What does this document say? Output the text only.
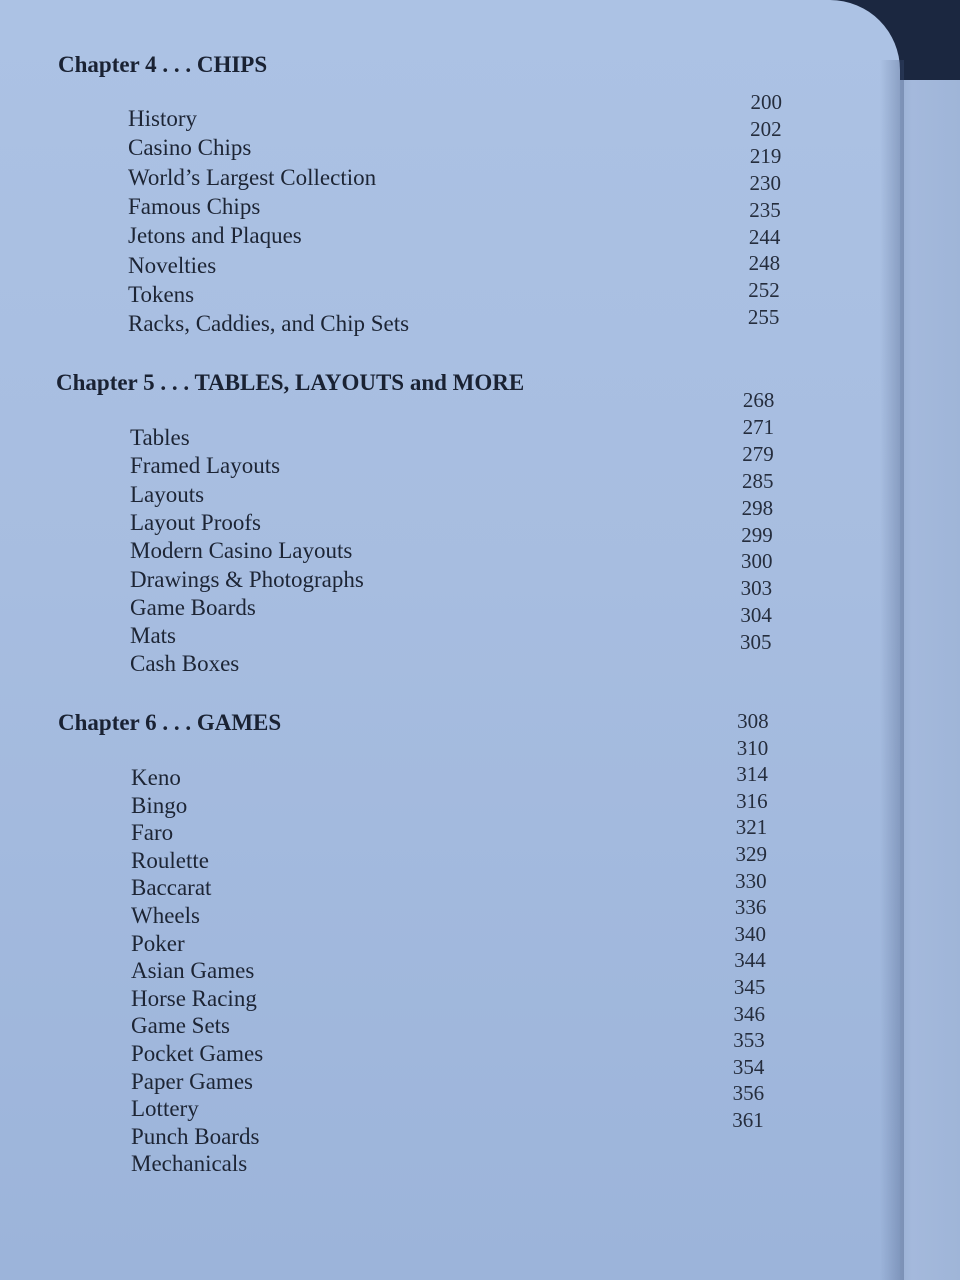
Chapter 4 . . . CHIPS
History
Casino Chips
World’s Largest Collection
Famous Chips
Jetons and Plaques
Novelties
Tokens
Racks, Caddies, and Chip Sets
200
202
219
230
235
244
248
252
255
Chapter 5 . . . TABLES, LAYOUTS and MORE
Tables
Framed Layouts
Layouts
Layout Proofs
Modern Casino Layouts
Drawings & Photographs
Game Boards
Mats
Cash Boxes
268
271
279
285
298
299
300
303
304
305
Chapter 6 . . . GAMES
Keno
Bingo
Faro
Roulette
Baccarat
Wheels
Poker
Asian Games
Horse Racing
Game Sets
Pocket Games
Paper Games
Lottery
Punch Boards
Mechanicals
308
310
314
316
321
329
330
336
340
344
345
346
353
354
356
361
